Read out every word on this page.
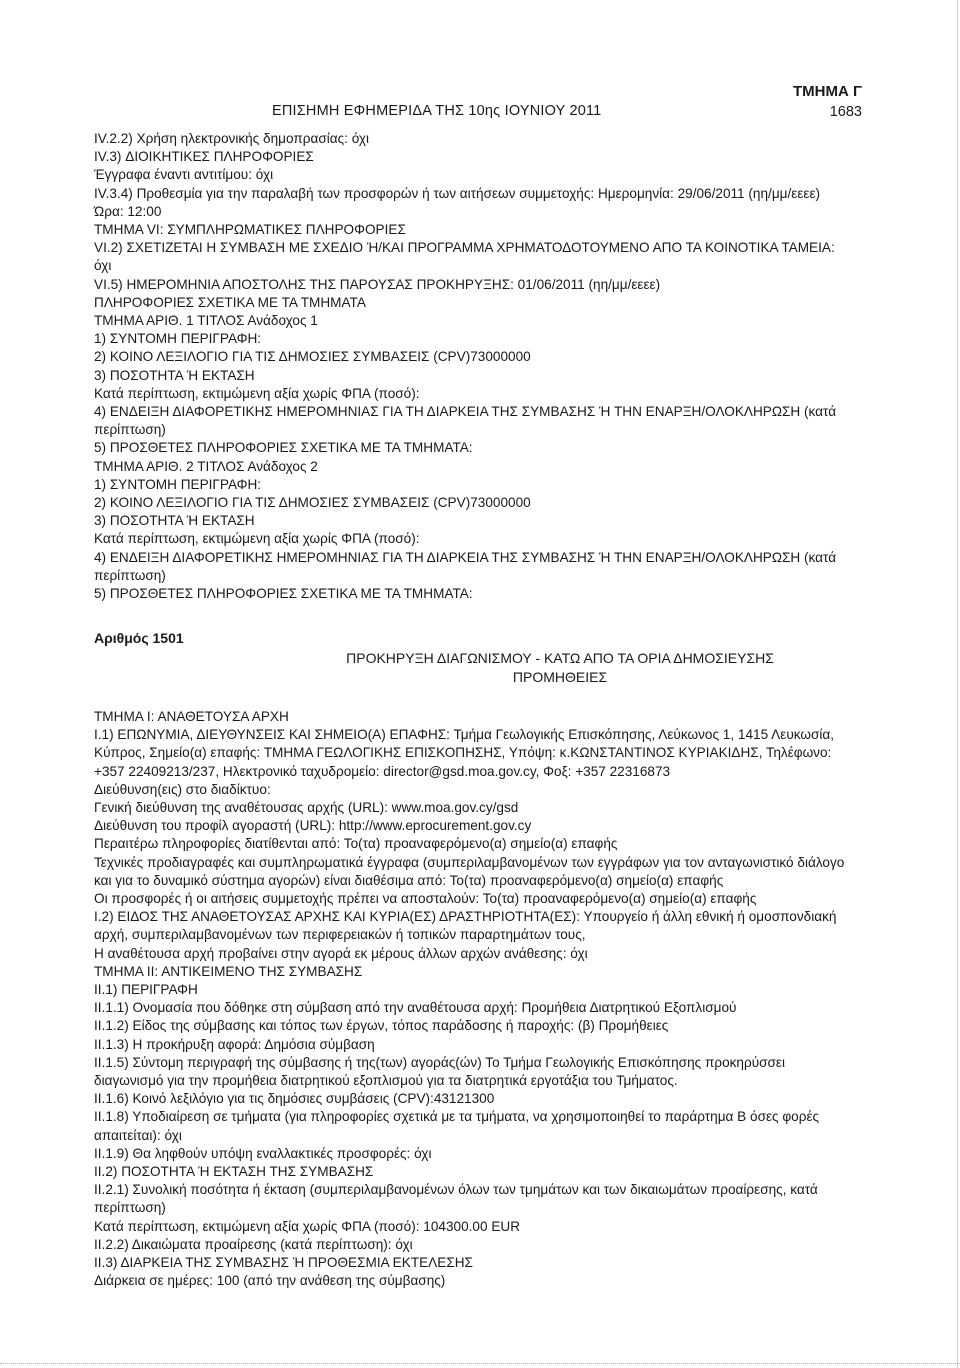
ΕΠΙΣΗΜΗ ΕΦΗΜΕΡΙΔΑ ΤΗΣ 10ης ΙΟΥΝΙΟΥ 2011
ΤΜΗΜΑ Γ
1683
IV.2.2) Χρήση ηλεκτρονικής δημοπρασίας: όχι
IV.3) ΔΙΟΙΚΗΤΙΚΕΣ ΠΛΗΡΟΦΟΡΙΕΣ
Έγγραφα έναντι αντιτίμου: όχι
IV.3.4) Προθεσμία για την παραλαβή των προσφορών ή των αιτήσεων συμμετοχής: Ημερομηνία: 29/06/2011 (ηη/μμ/εεεε)
Ώρα: 12:00
ΤΜΗΜΑ VI: ΣΥΜΠΛΗΡΩΜΑΤΙΚΕΣ ΠΛΗΡΟΦΟΡΙΕΣ
VI.2) ΣΧΕΤΙΖΕΤΑΙ Η ΣΥΜΒΑΣΗ ΜΕ ΣΧΕΔΙΟ Ή/ΚΑΙ ΠΡΟΓΡΑΜΜΑ ΧΡΗΜΑΤΟΔΟΤΟΥΜΕΝΟ ΑΠΟ ΤΑ ΚΟΙΝΟΤΙΚΑ ΤΑΜΕΙΑ:
όχι
VI.5) ΗΜΕΡΟΜΗΝΙΑ ΑΠΟΣΤΟΛΗΣ ΤΗΣ ΠΑΡΟΥΣΑΣ ΠΡΟΚΗΡΥΞΗΣ: 01/06/2011 (ηη/μμ/εεεε)
ΠΛΗΡΟΦΟΡΙΕΣ ΣΧΕΤΙΚΑ ΜΕ ΤΑ ΤΜΗΜΑΤΑ
ΤΜΗΜΑ ΑΡΙΘ. 1 ΤΙΤΛΟΣ Ανάδοχος 1
1) ΣΥΝΤΟΜΗ ΠΕΡΙΓΡΑΦΗ:
2) ΚΟΙΝΟ ΛΕΞΙΛΟΓΙΟ ΓΙΑ ΤΙΣ ΔΗΜΟΣΙΕΣ ΣΥΜΒΑΣΕΙΣ (CPV)73000000
3) ΠΟΣΟΤΗΤΑ Ή ΕΚΤΑΣΗ
Κατά περίπτωση, εκτιμώμενη αξία χωρίς ΦΠΑ (ποσό):
4) ΕΝΔΕΙΞΗ ΔΙΑΦΟΡΕΤΙΚΗΣ ΗΜΕΡΟΜΗΝΙΑΣ ΓΙΑ ΤΗ ΔΙΑΡΚΕΙΑ ΤΗΣ ΣΥΜΒΑΣΗΣ Ή ΤΗΝ ΕΝΑΡΞΗ/ΟΛΟΚΛΗΡΩΣΗ (κατά
περίπτωση)
5) ΠΡΟΣΘΕΤΕΣ ΠΛΗΡΟΦΟΡΙΕΣ ΣΧΕΤΙΚΑ ΜΕ ΤΑ ΤΜΗΜΑΤΑ:
ΤΜΗΜΑ ΑΡΙΘ. 2 ΤΙΤΛΟΣ Ανάδοχος 2
1) ΣΥΝΤΟΜΗ ΠΕΡΙΓΡΑΦΗ:
2) ΚΟΙΝΟ ΛΕΞΙΛΟΓΙΟ ΓΙΑ ΤΙΣ ΔΗΜΟΣΙΕΣ ΣΥΜΒΑΣΕΙΣ (CPV)73000000
3) ΠΟΣΟΤΗΤΑ Ή ΕΚΤΑΣΗ
Κατά περίπτωση, εκτιμώμενη αξία χωρίς ΦΠΑ (ποσό):
4) ΕΝΔΕΙΞΗ ΔΙΑΦΟΡΕΤΙΚΗΣ ΗΜΕΡΟΜΗΝΙΑΣ ΓΙΑ ΤΗ ΔΙΑΡΚΕΙΑ ΤΗΣ ΣΥΜΒΑΣΗΣ Ή ΤΗΝ ΕΝΑΡΞΗ/ΟΛΟΚΛΗΡΩΣΗ (κατά
περίπτωση)
5) ΠΡΟΣΘΕΤΕΣ ΠΛΗΡΟΦΟΡΙΕΣ ΣΧΕΤΙΚΑ ΜΕ ΤΑ ΤΜΗΜΑΤΑ:
Αριθμός 1501
ΠΡΟΚΗΡΥΞΗ ΔΙΑΓΩΝΙΣΜΟΥ - ΚΑΤΩ ΑΠΟ ΤΑ ΟΡΙΑ ΔΗΜΟΣΙΕΥΣΗΣ
ΠΡΟΜΗΘΕΙΕΣ
ΤΜΗΜΑ Ι: ΑΝΑΘΕΤΟΥΣΑ ΑΡΧΗ
Ι.1) ΕΠΩΝΥΜΙΑ, ΔΙΕΥΘΥΝΣΕΙΣ ΚΑΙ ΣΗΜΕΙΟ(Α) ΕΠΑΦΗΣ: Τμήμα Γεωλογικής Επισκόπησης, Λεύκωνος 1, 1415 Λευκωσία,
Κύπρος, Σημείο(α) επαφής: ΤΜΗΜΑ ΓΕΩΛΟΓΙΚΗΣ ΕΠΙΣΚΟΠΗΣΗΣ, Υπόψη: κ.ΚΩΝΣΤΑΝΤΙΝΟΣ ΚΥΡΙΑΚΙΔΗΣ, Τηλέφωνο:
+357 22409213/237, Ηλεκτρονικό ταχυδρομείο: director@gsd.moa.gov.cy, Φοξ: +357 22316873
Διεύθυνση(εις) στο διαδίκτυο:
Γενική διεύθυνση της αναθέτουσας αρχής (URL): www.moa.gov.cy/gsd
Διεύθυνση του προφίλ αγοραστή (URL): http://www.eprocurement.gov.cy
Περαιτέρω πληροφορίες διατίθενται από: Το(τα) προαναφερόμενο(α) σημείο(α) επαφής
Τεχνικές προδιαγραφές και συμπληρωματικά έγγραφα (συμπεριλαμβανομένων των εγγράφων για τον ανταγωνιστικό διάλογο
και για το δυναμικό σύστημα αγορών) είναι διαθέσιμα από: Το(τα) προαναφερόμενο(α) σημείο(α) επαφής
Οι προσφορές ή οι αιτήσεις συμμετοχής πρέπει να αποσταλούν: Το(τα) προαναφερόμενο(α) σημείο(α) επαφής
Ι.2) ΕΙΔΟΣ ΤΗΣ ΑΝΑΘΕΤΟΥΣΑΣ ΑΡΧΗΣ ΚΑΙ ΚΥΡΙΑ(ΕΣ) ΔΡΑΣΤΗΡΙΟΤΗΤΑ(ΕΣ): Υπουργείο ή άλλη εθνική ή ομοσπονδιακή
αρχή, συμπεριλαμβανομένων των περιφερειακών ή τοπικών παραρτημάτων τους,
Η αναθέτουσα αρχή προβαίνει στην αγορά εκ μέρους άλλων αρχών ανάθεσης: όχι
ΤΜΗΜΑ ΙΙ: ΑΝΤΙΚΕΙΜΕΝΟ ΤΗΣ ΣΥΜΒΑΣΗΣ
ΙΙ.1) ΠΕΡΙΓΡΑΦΗ
ΙΙ.1.1) Ονομασία που δόθηκε στη σύμβαση από την αναθέτουσα αρχή: Προμήθεια Διατρητικού Εξοπλισμού
ΙΙ.1.2) Είδος της σύμβασης και τόπος των έργων, τόπος παράδοσης ή παροχής: (β) Προμήθειες
ΙΙ.1.3) Η προκήρυξη αφορά: Δημόσια σύμβαση
ΙΙ.1.5) Σύντομη περιγραφή της σύμβασης ή της(των) αγοράς(ών) Το Τμήμα Γεωλογικής Επισκόπησης προκηρύσσει
διαγωνισμό για την προμήθεια διατρητικού εξοπλισμού για τα διατρητικά εργοτάξια του Τμήματος.
ΙΙ.1.6) Κοινό λεξιλόγιο για τις δημόσιες συμβάσεις (CPV):43121300
ΙΙ.1.8) Υποδιαίρεση σε τμήματα (για πληροφορίες σχετικά με τα τμήματα, να χρησιμοποιηθεί το παράρτημα Β όσες φορές
απαιτείται): όχι
ΙΙ.1.9) Θα ληφθούν υπόψη εναλλακτικές προσφορές: όχι
ΙΙ.2) ΠΟΣΟΤΗΤΑ Ή ΕΚΤΑΣΗ ΤΗΣ ΣΥΜΒΑΣΗΣ
ΙΙ.2.1) Συνολική ποσότητα ή έκταση (συμπεριλαμβανομένων όλων των τμημάτων και των δικαιωμάτων προαίρεσης, κατά
περίπτωση)
Κατά περίπτωση, εκτιμώμενη αξία χωρίς ΦΠΑ (ποσό): 104300.00 EUR
ΙΙ.2.2) Δικαιώματα προαίρεσης (κατά περίπτωση): όχι
ΙΙ.3) ΔΙΑΡΚΕΙΑ ΤΗΣ ΣΥΜΒΑΣΗΣ Ή ΠΡΟΘΕΣΜΙΑ ΕΚΤΕΛΕΣΗΣ
Διάρκεια σε ημέρες: 100 (από την ανάθεση της σύμβασης)
